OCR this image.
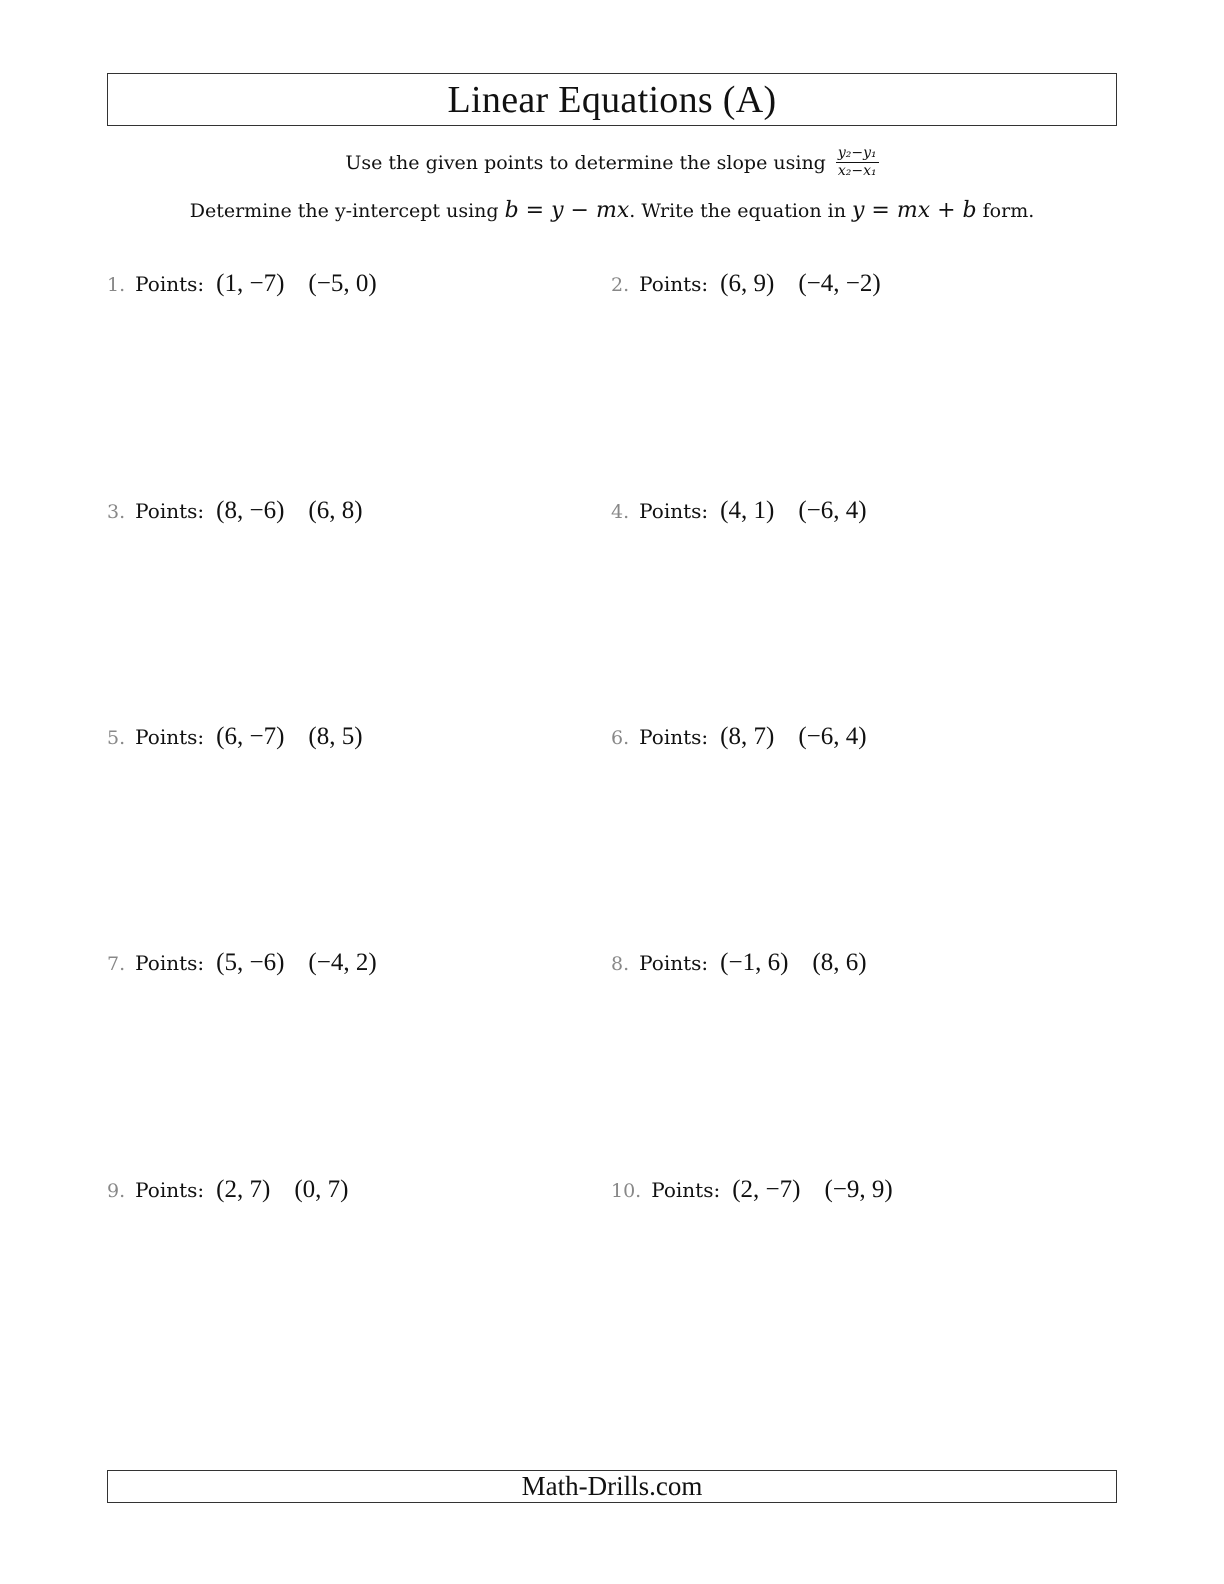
Linear Equations (A)
Use the given points to determine the slope using $\frac{\text{y₂−y₁}}{\text{x₂−x₁}}$
Determine the y-intercept using b = y − mx. Write the equation in y = mx + b form.
1. Points: (1, −7) (−5, 0)	2. Points: (6, 9) (−4, −2)
3. Points: (8, −6) (6, 8)	4. Points: (4, 1) (−6, 4)
5. Points: (6, −7) (8, 5)	6. Points: (8, 7) (−6, 4)
7. Points: (5, −6) (−4, 2)	8. Points: (−1, 6) (8, 6)
9. Points: (2, 7) (0, 7)	10. Points: (2, −7) (−9, 9)
Math-Drills.com
